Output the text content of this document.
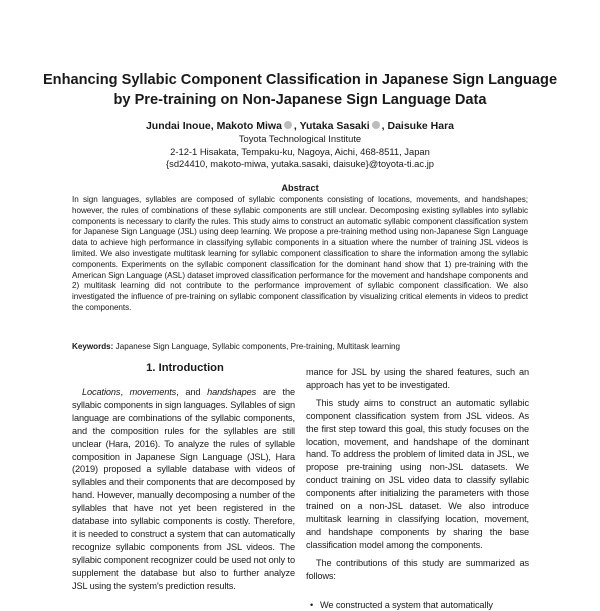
Enhancing Syllabic Component Classification in Japanese Sign Language by Pre-training on Non-Japanese Sign Language Data
Jundai Inoue, Makoto Miwa , Yutaka Sasaki , Daisuke Hara
Toyota Technological Institute
2-12-1 Hisakata, Tempaku-ku, Nagoya, Aichi, 468-8511, Japan
{sd24410, makoto-miwa, yutaka.sasaki, daisuke}@toyota-ti.ac.jp
Abstract
In sign languages, syllables are composed of syllabic components consisting of locations, movements, and handshapes; however, the rules of combinations of these syllabic components are still unclear. Decomposing existing syllables into syllabic components is necessary to clarify the rules. This study aims to construct an automatic syllabic component classification system for Japanese Sign Language (JSL) using deep learning. We propose a pre-training method using non-Japanese Sign Language data to achieve high performance in classifying syllabic components in a situation where the number of training JSL videos is limited. We also investigate multitask learning for syllabic component classification to share the information among the syllabic components. Experiments on the syllabic component classification for the dominant hand show that 1) pre-training with the American Sign Language (ASL) dataset improved classification performance for the movement and handshape components and 2) multitask learning did not contribute to the performance improvement of syllabic component classification. We also investigated the influence of pre-training on syllabic component classification by visualizing critical elements in videos to predict the components.
Keywords: Japanese Sign Language, Syllabic components, Pre-training, Multitask learning
1. Introduction

Locations, movements, and handshapes are the syllabic components in sign languages. Syllables of sign language are combinations of the syllabic components, and the composition rules for the syllables are still unclear (Hara, 2016). To analyze the rules of syllable composition in Japanese Sign Language (JSL), Hara (2019) proposed a syllable database with videos of syllables and their components that are decomposed by hand. However, manually decomposing a number of the syllables that have not yet been registered in the database into syllabic components is costly. Therefore, it is needed to construct a system that can automatically recognize syllabic components from JSL videos. The syllabic component recognizer could be used not only to supplement the database but also to further analyze JSL using the system's prediction results.

mance for JSL by using the shared features, such an approach has yet to be investigated.

This study aims to construct an automatic syllabic component classification system from JSL videos. As the first step toward this goal, this study focuses on the location, movement, and handshape of the dominant hand. To address the problem of limited data in JSL, we propose pre-training using non-JSL datasets. We conduct training on JSL video data to classify syllabic components after initializing the parameters with those trained on a non-JSL dataset. We also introduce multitask learning in classifying location, movement, and handshape components by sharing the base classification model among the components.

The contributions of this study are summarized as follows:

• We constructed a system that automatically
